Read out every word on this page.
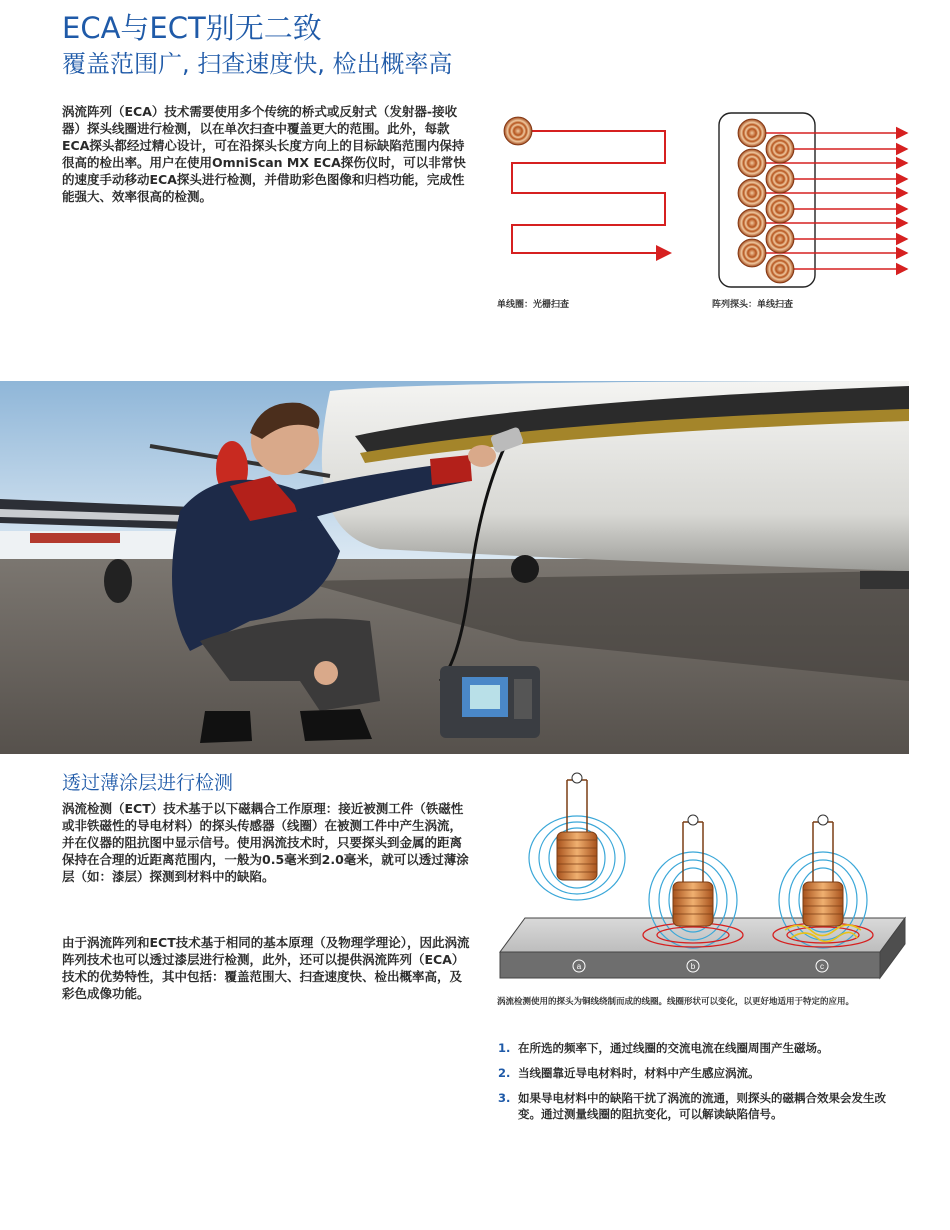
ECA与ECT别无二致
覆盖范围广, 扫查速度快, 检出概率高

涡流阵列（ECA）技术需要使用多个传统的桥式或反射式（发射器-接收器）探头线圈进行检测，以在单次扫查中覆盖更大的范围。此外，每款ECA探头都经过精心设计，可在沿探头长度方向上的目标缺陷范围内保持很高的检出率。用户在使用OmniScan MX ECA探伤仪时，可以非常快的速度手动移动ECA探头进行检测，并借助彩色图像和归档功能，完成性能强大、效率很高的检测。

单线圈：光栅扫查	阵列探头：单线扫查
透过薄涂层进行检测

涡流检测（ECT）技术基于以下磁耦合工作原理：接近被测工件（铁磁性或非铁磁性的导电材料）的探头传感器（线圈）在被测工件中产生涡流，并在仪器的阻抗图中显示信号。使用涡流技术时，只要探头到金属的距离保持在合理的近距离范围内，一般为0.5毫米到2.0毫米，就可以透过薄涂层（如：漆层）探测到材料中的缺陷。

由于涡流阵列和ECT技术基于相同的基本原理（及物理学理论），因此涡流阵列技术也可以透过漆层进行检测，此外，还可以提供涡流阵列（ECA）技术的优势特性，其中包括：覆盖范围大、扫查速度快、检出概率高，及彩色成像功能。

a	b	c
涡流检测使用的探头为铜线绕制而成的线圈。线圈形状可以变化，以更好地适用于特定的应用。
1. 在所选的频率下，通过线圈的交流电流在线圈周围产生磁场。
2. 当线圈靠近导电材料时，材料中产生感应涡流。
3. 如果导电材料中的缺陷干扰了涡流的流通，则探头的磁耦合效果会发生改变。通过测量线圈的阻抗变化，可以解读缺陷信号。
